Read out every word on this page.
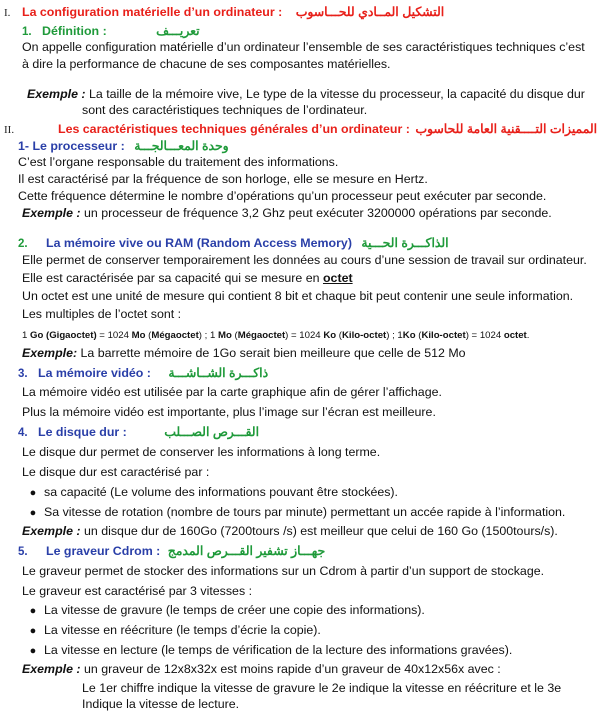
I. La configuration matérielle d’un ordinateur : التشكيل المــادي للحـــاسوب
1. Définition :	تعريـــف
On appelle configuration matérielle d’un ordinateur l’ensemble de ses caractéristiques techniques c’est
à dire la performance de chacune de ses composantes matérielles.
Exemple : La taille de la mémoire vive, Le type de la vitesse du processeur, la capacité du disque dur
sont des caractéristiques techniques de l’ordinateur.
II.	Les caractéristiques techniques générales d’un ordinateur : المميزات التــــقنية العامة للحاسوب
1- Le processeur : وحدة المعـــالجـــة
C’est l’organe responsable du traitement des informations.
Il est caractérisé par la fréquence de son horloge, elle se mesure en Hertz.
Cette fréquence détermine le nombre d’opérations qu’un processeur peut exécuter par seconde.
Exemple : un processeur de fréquence 3,2 Ghz peut exécuter 3200000 opérations par seconde.
2. La mémoire vive ou RAM (Random Access Memory) الذاكـــرة الحـــية
Elle permet de conserver temporairement les données au cours d’une session de travail sur ordinateur.
Elle est caractérisée par sa capacité qui se mesure en octet
Un octet est une unité de mesure qui contient 8 bit et chaque bit peut contenir une seule information.
Les multiples de l’octet sont :
1 Go (Gigaoctet) = 1024 Mo (Mégaoctet) ; 1 Mo (Mégaoctet) = 1024 Ko (Kilo-octet) ; 1Ko (Kilo-octet) = 1024 octet.
Exemple: La barrette mémoire de 1Go serait bien meilleure que celle de 512 Mo
3. La mémoire vidéo : ذاكـــرة الشــاشـــة
La mémoire vidéo est utilisée par la carte graphique afin de gérer l’affichage.
Plus la mémoire vidéo est importante, plus l’image sur l’écran est meilleure.
4. Le disque dur :	القـــرص الصـــلب
Le disque dur permet de conserver les informations à long terme.
Le disque dur est caractérisé par :
● sa capacité (Le volume des informations pouvant être stockées).
● Sa vitesse de rotation (nombre de tours par minute) permettant un accée rapide à l’information.
Exemple : un disque dur de 160Go (7200tours /s) est meilleur que celui de 160 Go (1500tours/s).
5. Le graveur Cdrom : جهـــاز تشفير القـــرص المدمج
Le graveur permet de stocker des informations sur un Cdrom à partir d’un support de stockage.
Le graveur est caractérisé par 3 vitesses :
● La vitesse de gravure (le temps de créer une copie des informations).
● La vitesse en réécriture (le temps d’écrie la copie).
● La vitesse en lecture (le temps de vérification de la lecture des informations gravées).
Exemple : un graveur de 12x8x32x est moins rapide d’un graveur de 40x12x56x avec :
Le 1er chiffre indique la vitesse de gravure le 2e indique la vitesse en réécriture et le 3e
Indique la vitesse de lecture.
